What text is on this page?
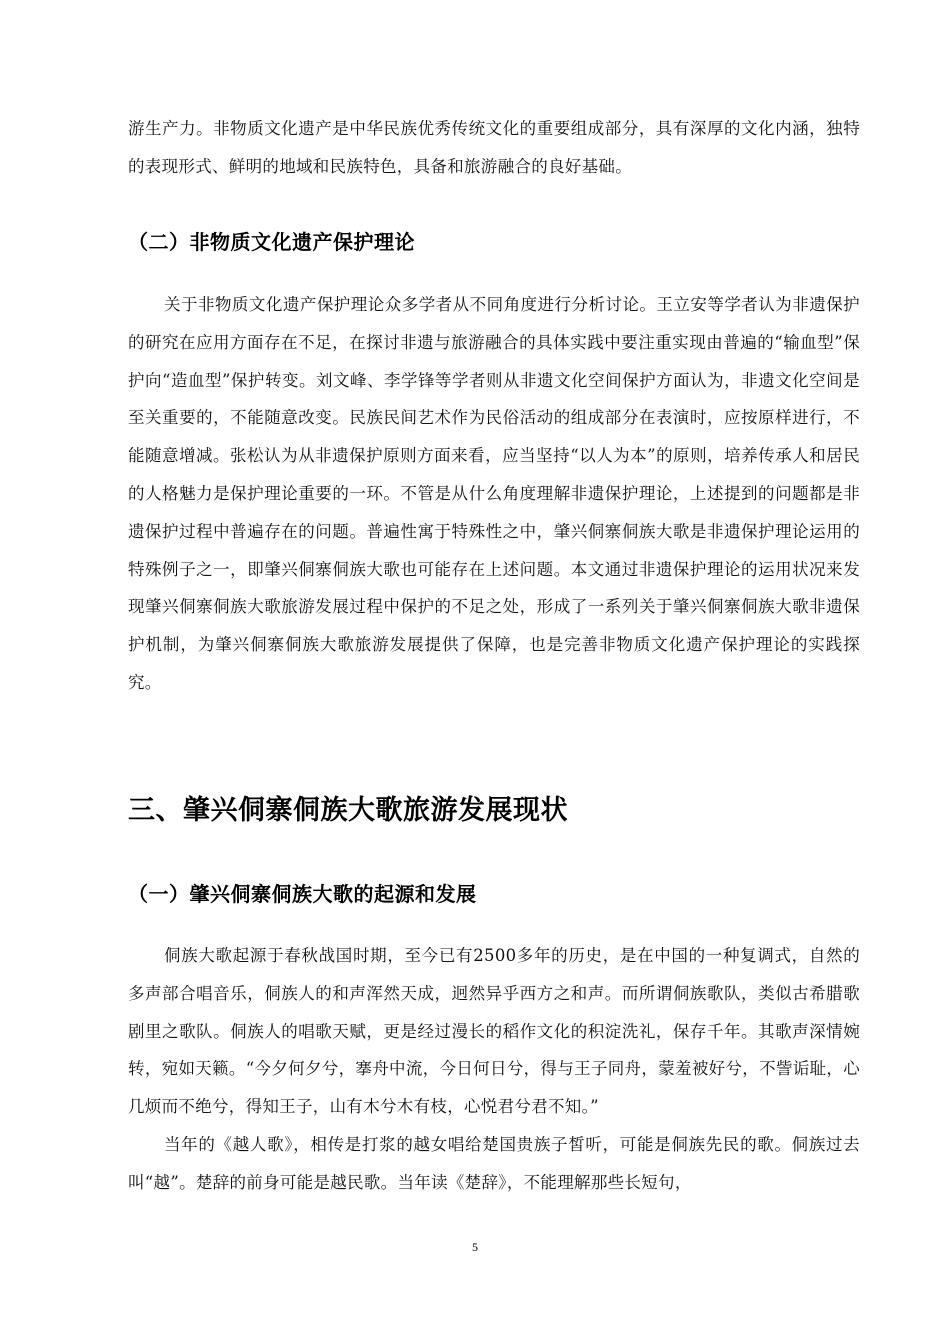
游生产力。非物质文化遗产是中华民族优秀传统文化的重要组成部分，具有深厚的文化内涵，独特的表现形式、鲜明的地域和民族特色，具备和旅游融合的良好基础。

（二）非物质文化遗产保护理论

关于非物质文化遗产保护理论众多学者从不同角度进行分析讨论。王立安等学者认为非遗保护的研究在应用方面存在不足，在探讨非遗与旅游融合的具体实践中要注重实现由普遍的“输血型”保护向“造血型”保护转变。刘文峰、李学锋等学者则从非遗文化空间保护方面认为，非遗文化空间是至关重要的，不能随意改变。民族民间艺术作为民俗活动的组成部分在表演时，应按原样进行，不能随意增减。张松认为从非遗保护原则方面来看，应当坚持“以人为本”的原则，培养传承人和居民的人格魅力是保护理论重要的一环。不管是从什么角度理解非遗保护理论，上述提到的问题都是非遗保护过程中普遍存在的问题。普遍性寓于特殊性之中，肇兴侗寨侗族大歌是非遗保护理论运用的特殊例子之一，即肇兴侗寨侗族大歌也可能存在上述问题。本文通过非遗保护理论的运用状况来发现肇兴侗寨侗族大歌旅游发展过程中保护的不足之处，形成了一系列关于肇兴侗寨侗族大歌非遗保护机制，为肇兴侗寨侗族大歌旅游发展提供了保障，也是完善非物质文化遗产保护理论的实践探究。

三、肇兴侗寨侗族大歌旅游发展现状
（一）肇兴侗寨侗族大歌的起源和发展

侗族大歌起源于春秋战国时期，至今已有2500多年的历史，是在中国的一种复调式，自然的多声部合唱音乐，侗族人的和声浑然天成，迥然异乎西方之和声。而所谓侗族歌队，类似古希腊歌剧里之歌队。侗族人的唱歌天赋，更是经过漫长的稻作文化的积淀洗礼，保存千年。其歌声深情婉转，宛如天籁。“今夕何夕兮，搴舟中流，今日何日兮，得与王子同舟，蒙羞被好兮，不訾诟耻，心几烦而不绝兮，得知王子，山有木兮木有枝，心悦君兮君不知。”

当年的《越人歌》，相传是打浆的越女唱给楚国贵族子皙听，可能是侗族先民的歌。侗族过去叫“越”。楚辞的前身可能是越民歌。当年读《楚辞》，不能理解那些长短句，

5
